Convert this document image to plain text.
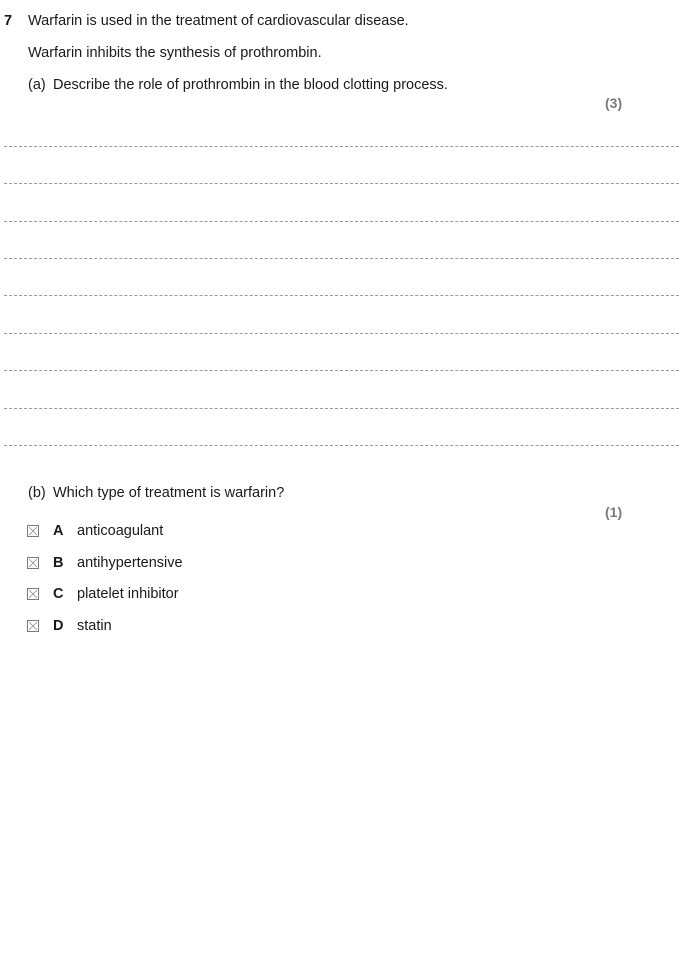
7 Warfarin is used in the treatment of cardiovascular disease.
Warfarin inhibits the synthesis of prothrombin.
(a) Describe the role of prothrombin in the blood clotting process.
(3)
(b) Which type of treatment is warfarin?
(1)
A anticoagulant
B antihypertensive
C platelet inhibitor
D statin
